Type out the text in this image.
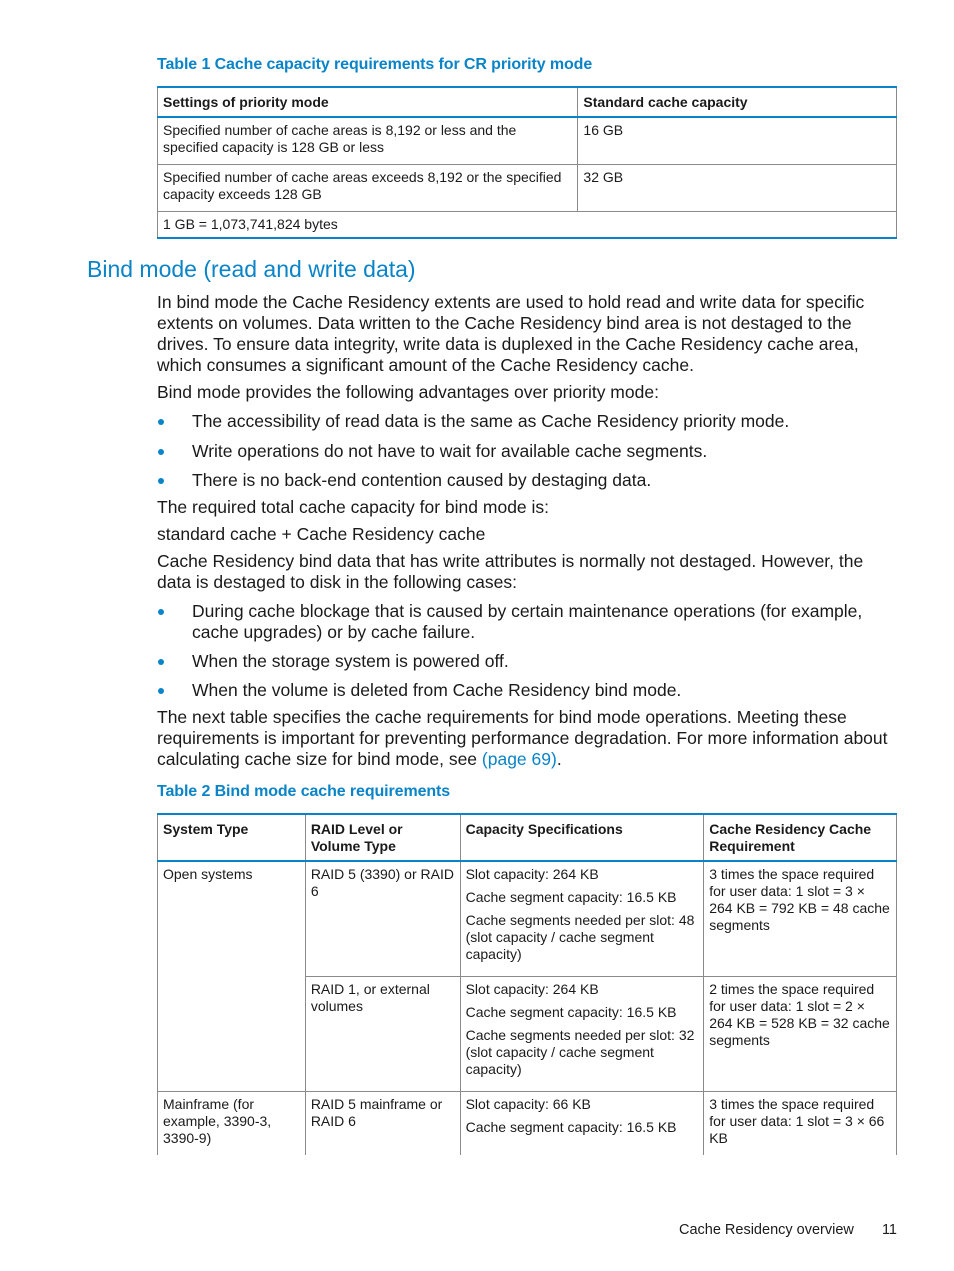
Table 1 Cache capacity requirements for CR priority mode
Settings of priority mode	Standard cache capacity
Specified number of cache areas is 8,192 or less and the specified capacity is 128 GB or less	16 GB
Specified number of cache areas exceeds 8,192 or the specified capacity exceeds 128 GB	32 GB
1 GB = 1,073,741,824 bytes	
Bind mode (read and write data)

In bind mode the Cache Residency extents are used to hold read and write data for specific extents on volumes. Data written to the Cache Residency bind area is not destaged to the drives. To ensure data integrity, write data is duplexed in the Cache Residency cache area, which consumes a significant amount of the Cache Residency cache.

Bind mode provides the following advantages over priority mode:

The accessibility of read data is the same as Cache Residency priority mode.
Write operations do not have to wait for available cache segments.
There is no back-end contention caused by destaging data.

The required total cache capacity for bind mode is:

standard cache + Cache Residency cache

Cache Residency bind data that has write attributes is normally not destaged. However, the data is destaged to disk in the following cases:

During cache blockage that is caused by certain maintenance operations (for example, cache upgrades) or by cache failure.
When the storage system is powered off.
When the volume is deleted from Cache Residency bind mode.

The next table specifies the cache requirements for bind mode operations. Meeting these requirements is important for preventing performance degradation. For more information about calculating cache size for bind mode, see (page 69).

Table 2 Bind mode cache requirements
System Type	RAID Level or Volume Type	Capacity Specifications	Cache Residency Cache Requirement
Open systems	RAID 5 (3390) or RAID 6	Slot capacity: 264 KB

Cache segment capacity: 16.5 KB

Cache segments needed per slot: 48 (slot capacity / cache segment capacity)	3 times the space required for user data: 1 slot = 3 × 264 KB = 792 KB = 48 cache segments
	RAID 1, or external volumes	Slot capacity: 264 KB

Cache segment capacity: 16.5 KB

Cache segments needed per slot: 32 (slot capacity / cache segment capacity)	2 times the space required for user data: 1 slot = 2 × 264 KB = 528 KB = 32 cache segments
Mainframe (for example, 3390-3, 3390-9)	RAID 5 mainframe or RAID 6	Slot capacity: 66 KB

Cache segment capacity: 16.5 KB	3 times the space required for user data: 1 slot = 3 × 66 KB
Cache Residency overview 11
